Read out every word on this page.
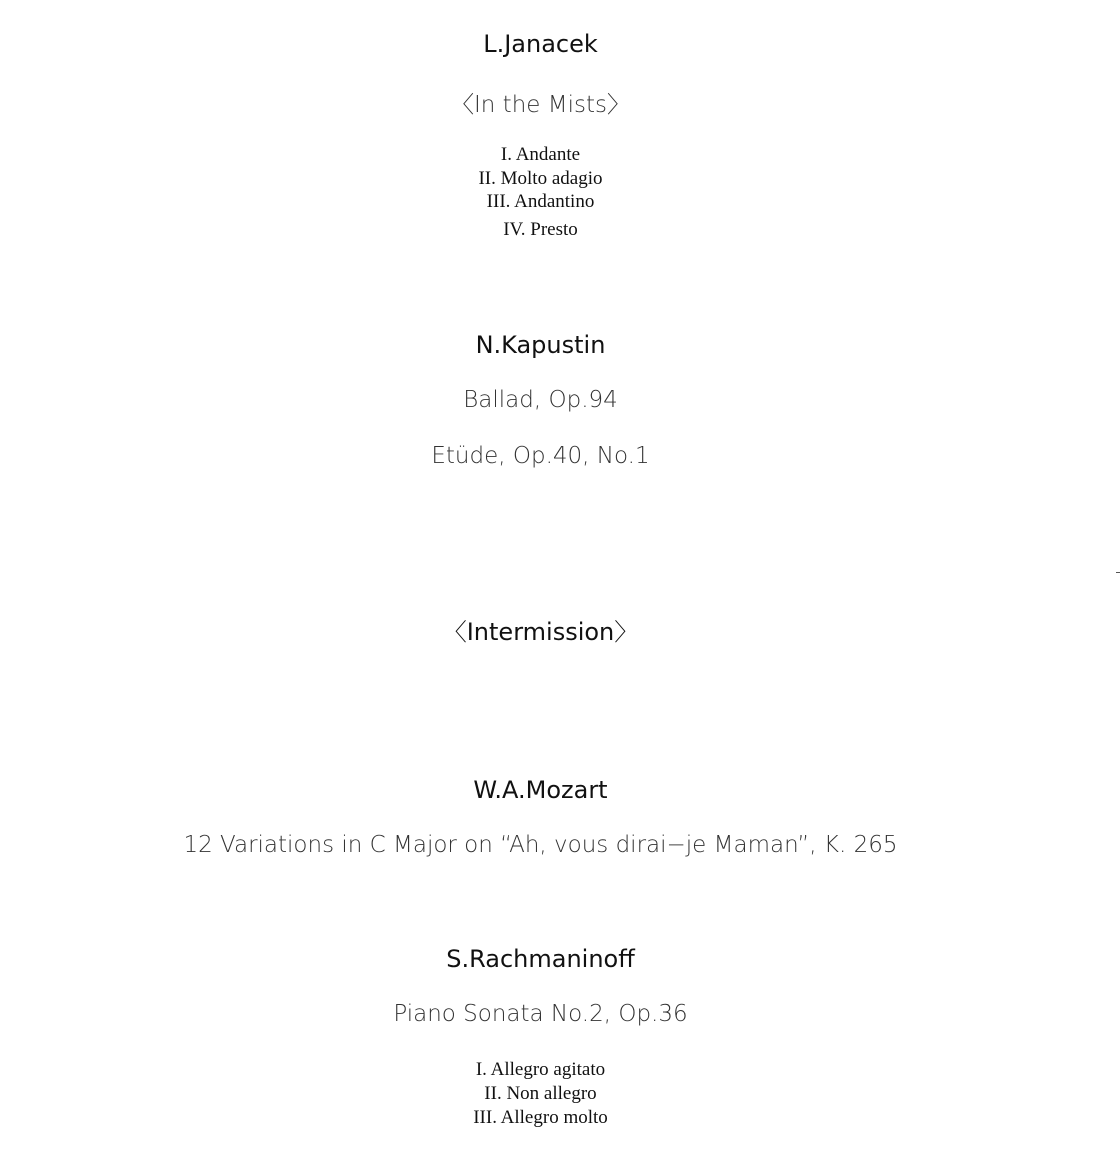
L.Janacek
〈In the Mists〉
I. Andante
II. Molto adagio
III. Andantino
IV. Presto
N.Kapustin
Ballad, Op.94
Etüde, Op.40, No.1
〈Intermission〉
W.A.Mozart
12 Variations in C Major on “Ah, vous dirai−je Maman”, K. 265
S.Rachmaninoff
Piano Sonata No.2, Op.36
I. Allegro agitato
II. Non allegro
III. Allegro molto
